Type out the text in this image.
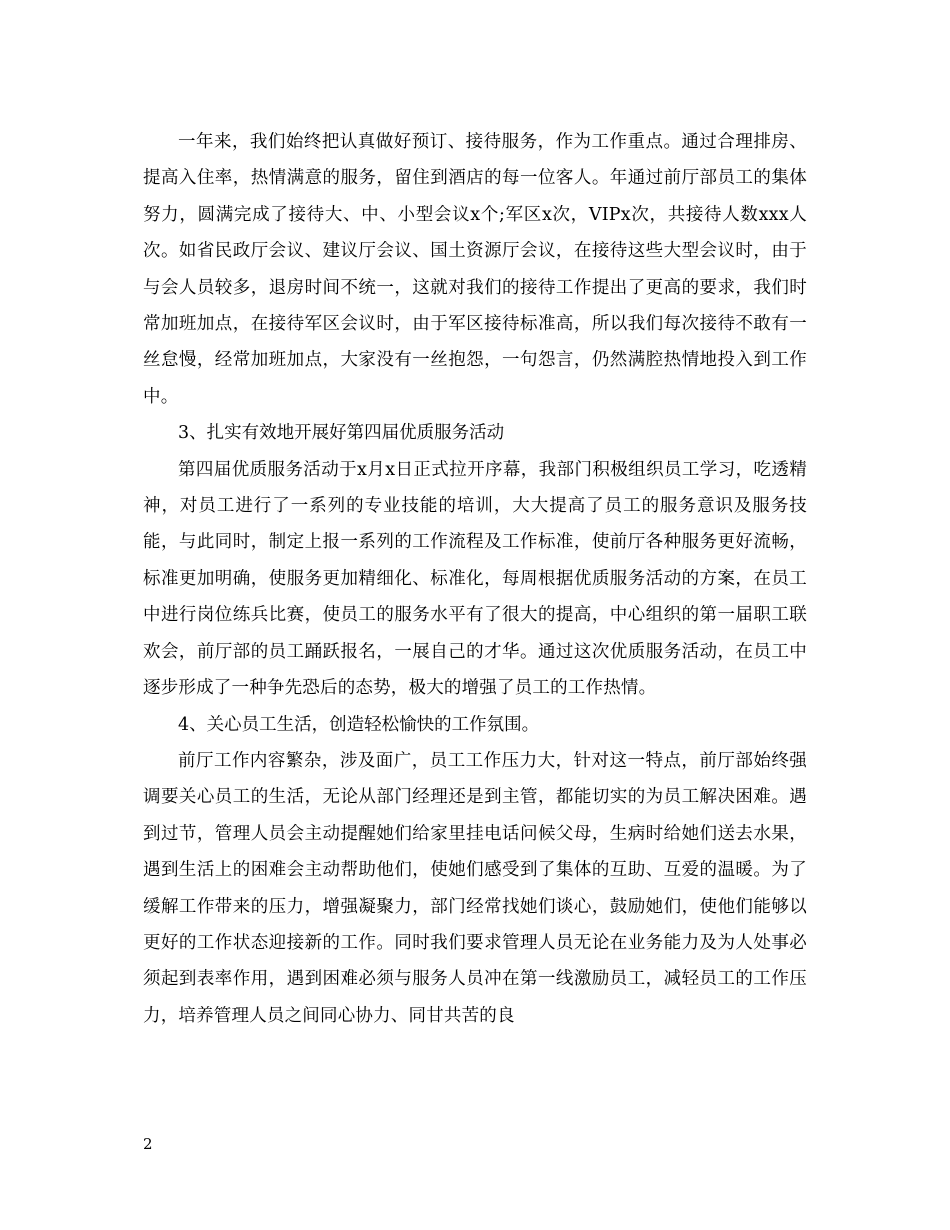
一年来，我们始终把认真做好预订、接待服务，作为工作重点。通过合理排房、提高入住率，热情满意的服务，留住到酒店的每一位客人。年通过前厅部员工的集体努力，圆满完成了接待大、中、小型会议x个;军区x次，VIPx次，共接待人数xxx人次。如省民政厅会议、建议厅会议、国土资源厅会议，在接待这些大型会议时，由于与会人员较多，退房时间不统一，这就对我们的接待工作提出了更高的要求，我们时常加班加点，在接待军区会议时，由于军区接待标准高，所以我们每次接待不敢有一丝怠慢，经常加班加点，大家没有一丝抱怨，一句怨言，仍然满腔热情地投入到工作中。

3、扎实有效地开展好第四届优质服务活动

第四届优质服务活动于x月x日正式拉开序幕，我部门积极组织员工学习，吃透精神，对员工进行了一系列的专业技能的培训，大大提高了员工的服务意识及服务技能，与此同时，制定上报一系列的工作流程及工作标准，使前厅各种服务更好流畅，标准更加明确，使服务更加精细化、标准化，每周根据优质服务活动的方案，在员工中进行岗位练兵比赛，使员工的服务水平有了很大的提高，中心组织的第一届职工联欢会，前厅部的员工踊跃报名，一展自己的才华。通过这次优质服务活动，在员工中逐步形成了一种争先恐后的态势，极大的增强了员工的工作热情。

4、关心员工生活，创造轻松愉快的工作氛围。

前厅工作内容繁杂，涉及面广，员工工作压力大，针对这一特点，前厅部始终强调要关心员工的生活，无论从部门经理还是到主管，都能切实的为员工解决困难。遇到过节，管理人员会主动提醒她们给家里挂电话问候父母，生病时给她们送去水果，遇到生活上的困难会主动帮助他们，使她们感受到了集体的互助、互爱的温暖。为了缓解工作带来的压力，增强凝聚力，部门经常找她们谈心，鼓励她们，使他们能够以更好的工作状态迎接新的工作。同时我们要求管理人员无论在业务能力及为人处事必须起到表率作用，遇到困难必须与服务人员冲在第一线激励员工，减轻员工的工作压力，培养管理人员之间同心协力、同甘共苦的良

2
